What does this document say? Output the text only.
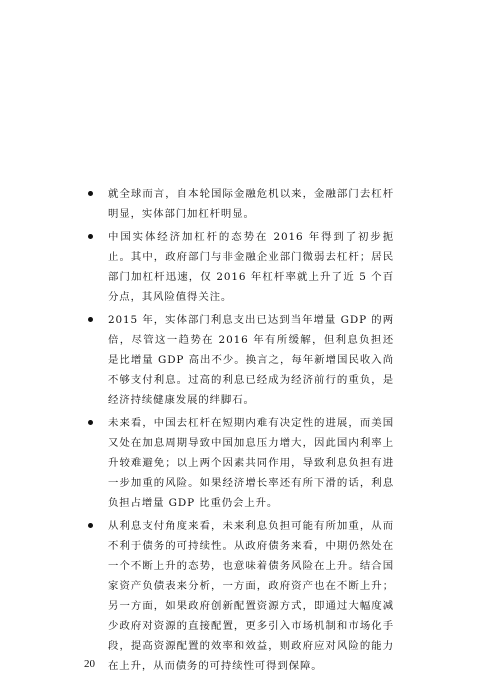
就全球而言，自本轮国际金融危机以来，金融部门去杠杆明显，实体部门加杠杆明显。
中国实体经济加杠杆的态势在 2016 年得到了初步扼止。其中，政府部门与非金融企业部门微弱去杠杆；居民部门加杠杆迅速，仅 2016 年杠杆率就上升了近 5 个百分点，其风险值得关注。
2015 年，实体部门利息支出已达到当年增量 GDP 的两倍，尽管这一趋势在 2016 年有所缓解，但利息负担还是比增量 GDP 高出不少。换言之，每年新增国民收入尚不够支付利息。过高的利息已经成为经济前行的重负，是经济持续健康发展的绊脚石。
未来看，中国去杠杆在短期内难有决定性的进展，而美国又处在加息周期导致中国加息压力增大，因此国内利率上升较难避免；以上两个因素共同作用，导致利息负担有进一步加重的风险。如果经济增长率还有所下滑的话，利息负担占增量 GDP 比重仍会上升。
从利息支付角度来看，未来利息负担可能有所加重，从而不利于债务的可持续性。从政府债务来看，中期仍然处在一个不断上升的态势，也意味着债务风险在上升。结合国家资产负债表来分析，一方面，政府资产也在不断上升；另一方面，如果政府创新配置资源方式，即通过大幅度减少政府对资源的直接配置，更多引入市场机制和市场化手段，提高资源配置的效率和效益，则政府应对风险的能力在上升，从而债务的可持续性可得到保障。
20
